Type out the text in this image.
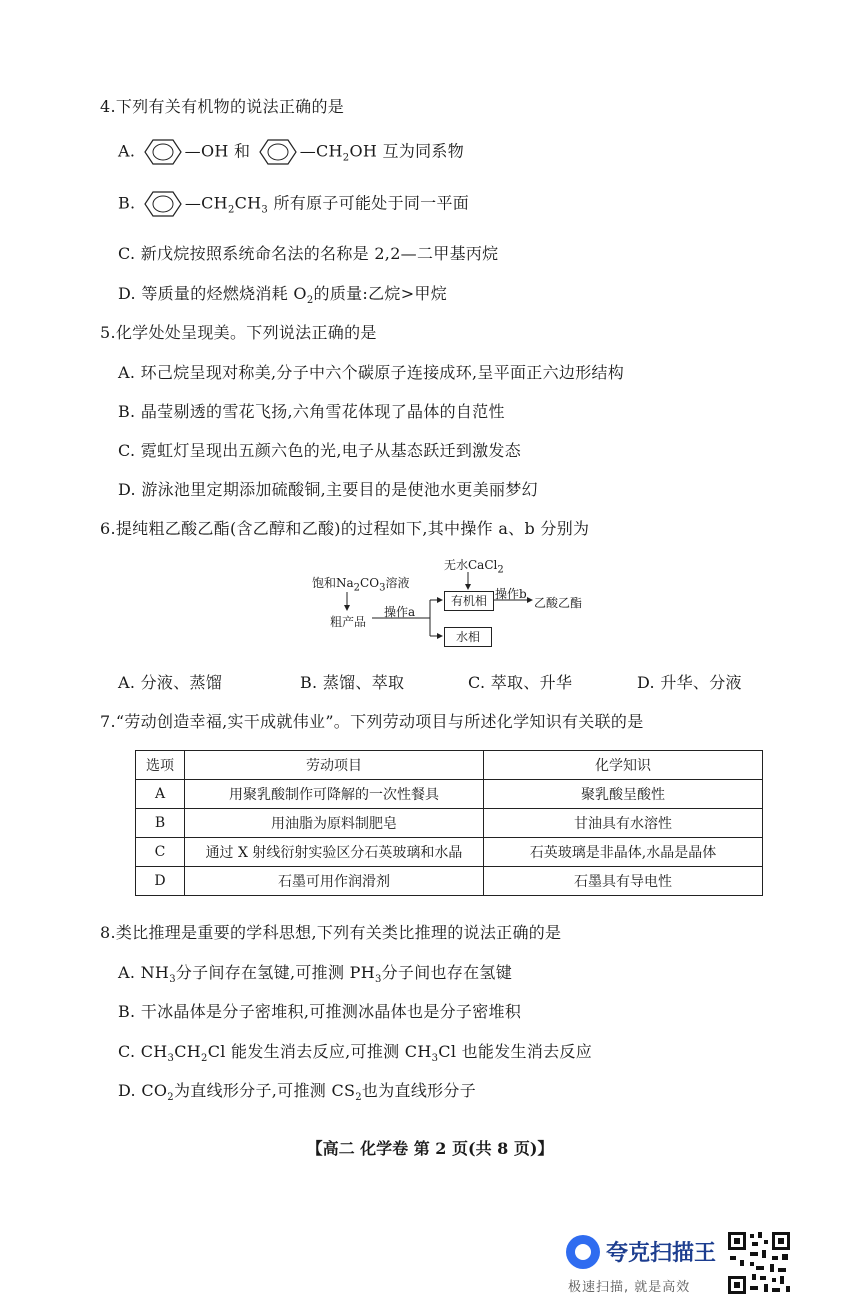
4.下列有关有机物的说法正确的是
A.	—OH 和	$—CH_2OH$ 互为同系物
B.	$—CH_2CH_3$ 所有原子可能处于同一平面
C. 新戊烷按照系统命名法的名称是 2,2—二甲基丙烷
D. 等质量的烃燃烧消耗 $O_2$的质量:乙烷>甲烷
5.化学处处呈现美。下列说法正确的是
A. 环己烷呈现对称美,分子中六个碳原子连接成环,呈平面正六边形结构
B. 晶莹剔透的雪花飞扬,六角雪花体现了晶体的自范性
C. 霓虹灯呈现出五颜六色的光,电子从基态跃迁到激发态
D. 游泳池里定期添加硫酸铜,主要目的是使池水更美丽梦幻
6.提纯粗乙酸乙酯(含乙醇和乙酸)的过程如下,其中操作 a、b 分别为
饱和$Na_2CO_3$溶液
粗产品
操作a
无水CaCl$_2$
有机相 操作b
乙酸乙酯
水相
A. 分液、蒸馏	B. 蒸馏、萃取	C. 萃取、升华	D. 升华、分液
7.“劳动创造幸福,实干成就伟业”。下列劳动项目与所述化学知识有关联的是
选项	劳动项目	化学知识
A	用聚乳酸制作可降解的一次性餐具	聚乳酸呈酸性
B	用油脂为原料制肥皂	甘油具有水溶性
C	通过 X 射线衍射实验区分石英玻璃和水晶	石英玻璃是非晶体,水晶是晶体
D	石墨可用作润滑剂	石墨具有导电性
8.类比推理是重要的学科思想,下列有关类比推理的说法正确的是
A. $NH_3$分子间存在氢键,可推测 $PH_3$分子间也存在氢键
B. 干冰晶体是分子密堆积,可推测冰晶体也是分子密堆积
C. $CH_3CH_2Cl$ 能发生消去反应,可推测 $CH_3Cl$ 也能发生消去反应
D. $CO_2$为直线形分子,可推测 $CS_2$也为直线形分子
【高二 化学卷 第 2 页(共 8 页)】
夸克扫描王
极速扫描, 就是高效
